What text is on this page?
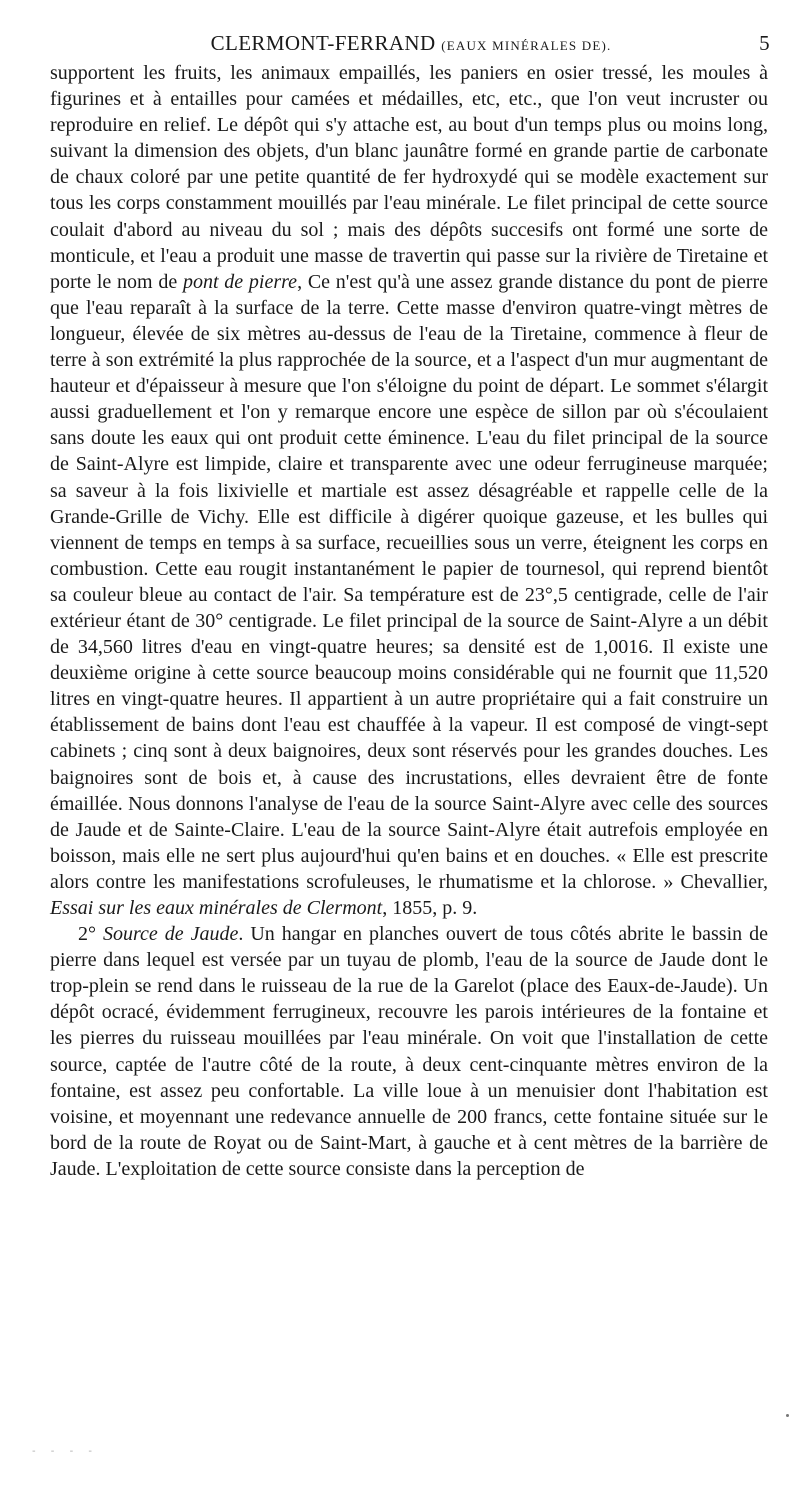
CLERMONT-FERRAND (EAUX MINÉRALES DE).	5

supportent les fruits, les animaux empaillés, les paniers en osier tressé, les moules à figurines et à entailles pour camées et médailles, etc, etc., que l'on veut incruster ou reproduire en relief. Le dépôt qui s'y attache est, au bout d'un temps plus ou moins long, suivant la dimension des objets, d'un blanc jaunâtre formé en grande partie de carbonate de chaux coloré par une petite quantité de fer hydroxydé qui se modèle exactement sur tous les corps constamment mouillés par l'eau minérale. Le filet principal de cette source coulait d'abord au niveau du sol ; mais des dépôts succesifs ont formé une sorte de monticule, et l'eau a produit une masse de travertin qui passe sur la rivière de Tiretaine et porte le nom de pont de pierre, Ce n'est qu'à une assez grande distance du pont de pierre que l'eau reparaît à la surface de la terre. Cette masse d'environ quatre-vingt mètres de longueur, élevée de six mètres au-dessus de l'eau de la Tiretaine, commence à fleur de terre à son extrémité la plus rapprochée de la source, et a l'aspect d'un mur augmentant de hauteur et d'épaisseur à mesure que l'on s'éloigne du point de départ. Le sommet s'élargit aussi graduellement et l'on y remarque encore une espèce de sillon par où s'écoulaient sans doute les eaux qui ont produit cette éminence. L'eau du filet principal de la source de Saint-Alyre est limpide, claire et transparente avec une odeur ferrugineuse marquée; sa saveur à la fois lixivielle et martiale est assez désagréable et rappelle celle de la Grande-Grille de Vichy. Elle est difficile à digérer quoique gazeuse, et les bulles qui viennent de temps en temps à sa surface, recueillies sous un verre, éteignent les corps en combustion. Cette eau rougit instantanément le papier de tournesol, qui reprend bientôt sa couleur bleue au contact de l'air. Sa température est de 23°,5 centigrade, celle de l'air extérieur étant de 30° centigrade. Le filet principal de la source de Saint-Alyre a un débit de 34,560 litres d'eau en vingt-quatre heures; sa densité est de 1,0016. Il existe une deuxième origine à cette source beaucoup moins considérable qui ne fournit que 11,520 litres en vingt-quatre heures. Il appartient à un autre propriétaire qui a fait construire un établissement de bains dont l'eau est chauffée à la vapeur. Il est composé de vingt-sept cabinets ; cinq sont à deux baignoires, deux sont réservés pour les grandes douches. Les baignoires sont de bois et, à cause des incrustations, elles devraient être de fonte émaillée. Nous donnons l'analyse de l'eau de la source Saint-Alyre avec celle des sources de Jaude et de Sainte-Claire. L'eau de la source Saint-Alyre était autrefois employée en boisson, mais elle ne sert plus aujourd'hui qu'en bains et en douches. « Elle est prescrite alors contre les manifestations scrofuleuses, le rhumatisme et la chlorose. » Chevallier, Essai sur les eaux minérales de Clermont, 1855, p. 9.

2° Source de Jaude. Un hangar en planches ouvert de tous côtés abrite le bassin de pierre dans lequel est versée par un tuyau de plomb, l'eau de la source de Jaude dont le trop-plein se rend dans le ruisseau de la rue de la Garelot (place des Eaux-de-Jaude). Un dépôt ocracé, évidemment ferrugineux, recouvre les parois intérieures de la fontaine et les pierres du ruisseau mouillées par l'eau minérale. On voit que l'installation de cette source, captée de l'autre côté de la route, à deux cent-cinquante mètres environ de la fontaine, est assez peu confortable. La ville loue à un menuisier dont l'habitation est voisine, et moyennant une redevance annuelle de 200 francs, cette fontaine située sur le bord de la route de Royat ou de Saint-Mart, à gauche et à cent mètres de la barrière de Jaude. L'exploitation de cette source consiste dans la perception de

- - - -
